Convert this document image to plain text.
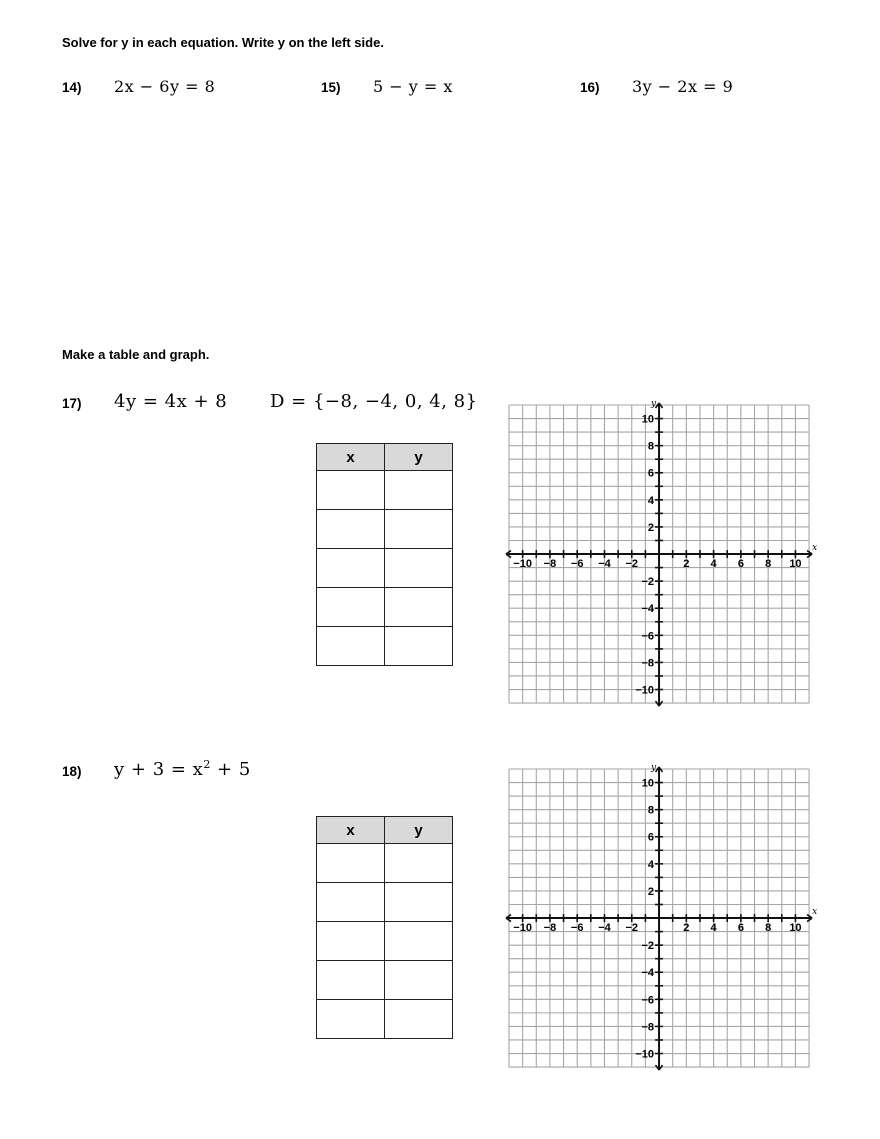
Solve for y in each equation. Write y on the left side.
14) 2x − 6y = 8	15) 5 − y = x	16) 3y − 2x = 9
Make a table and graph.
17) 4y = 4x + 8 D = {−8, −4, 0, 4, 8}
x	y

−10 −8 −6 −4 −2	2 4 6 8 10
10
8
6
4
2
−2
−4
−6
−8
−10
x
y
18) $y + 3 = x^2 + 5$
x	y

−10 −8 −6 −4 −2	2 4 6 8 10
10
8
6
4
2
−2
−4
−6
−8
−10
x
y
